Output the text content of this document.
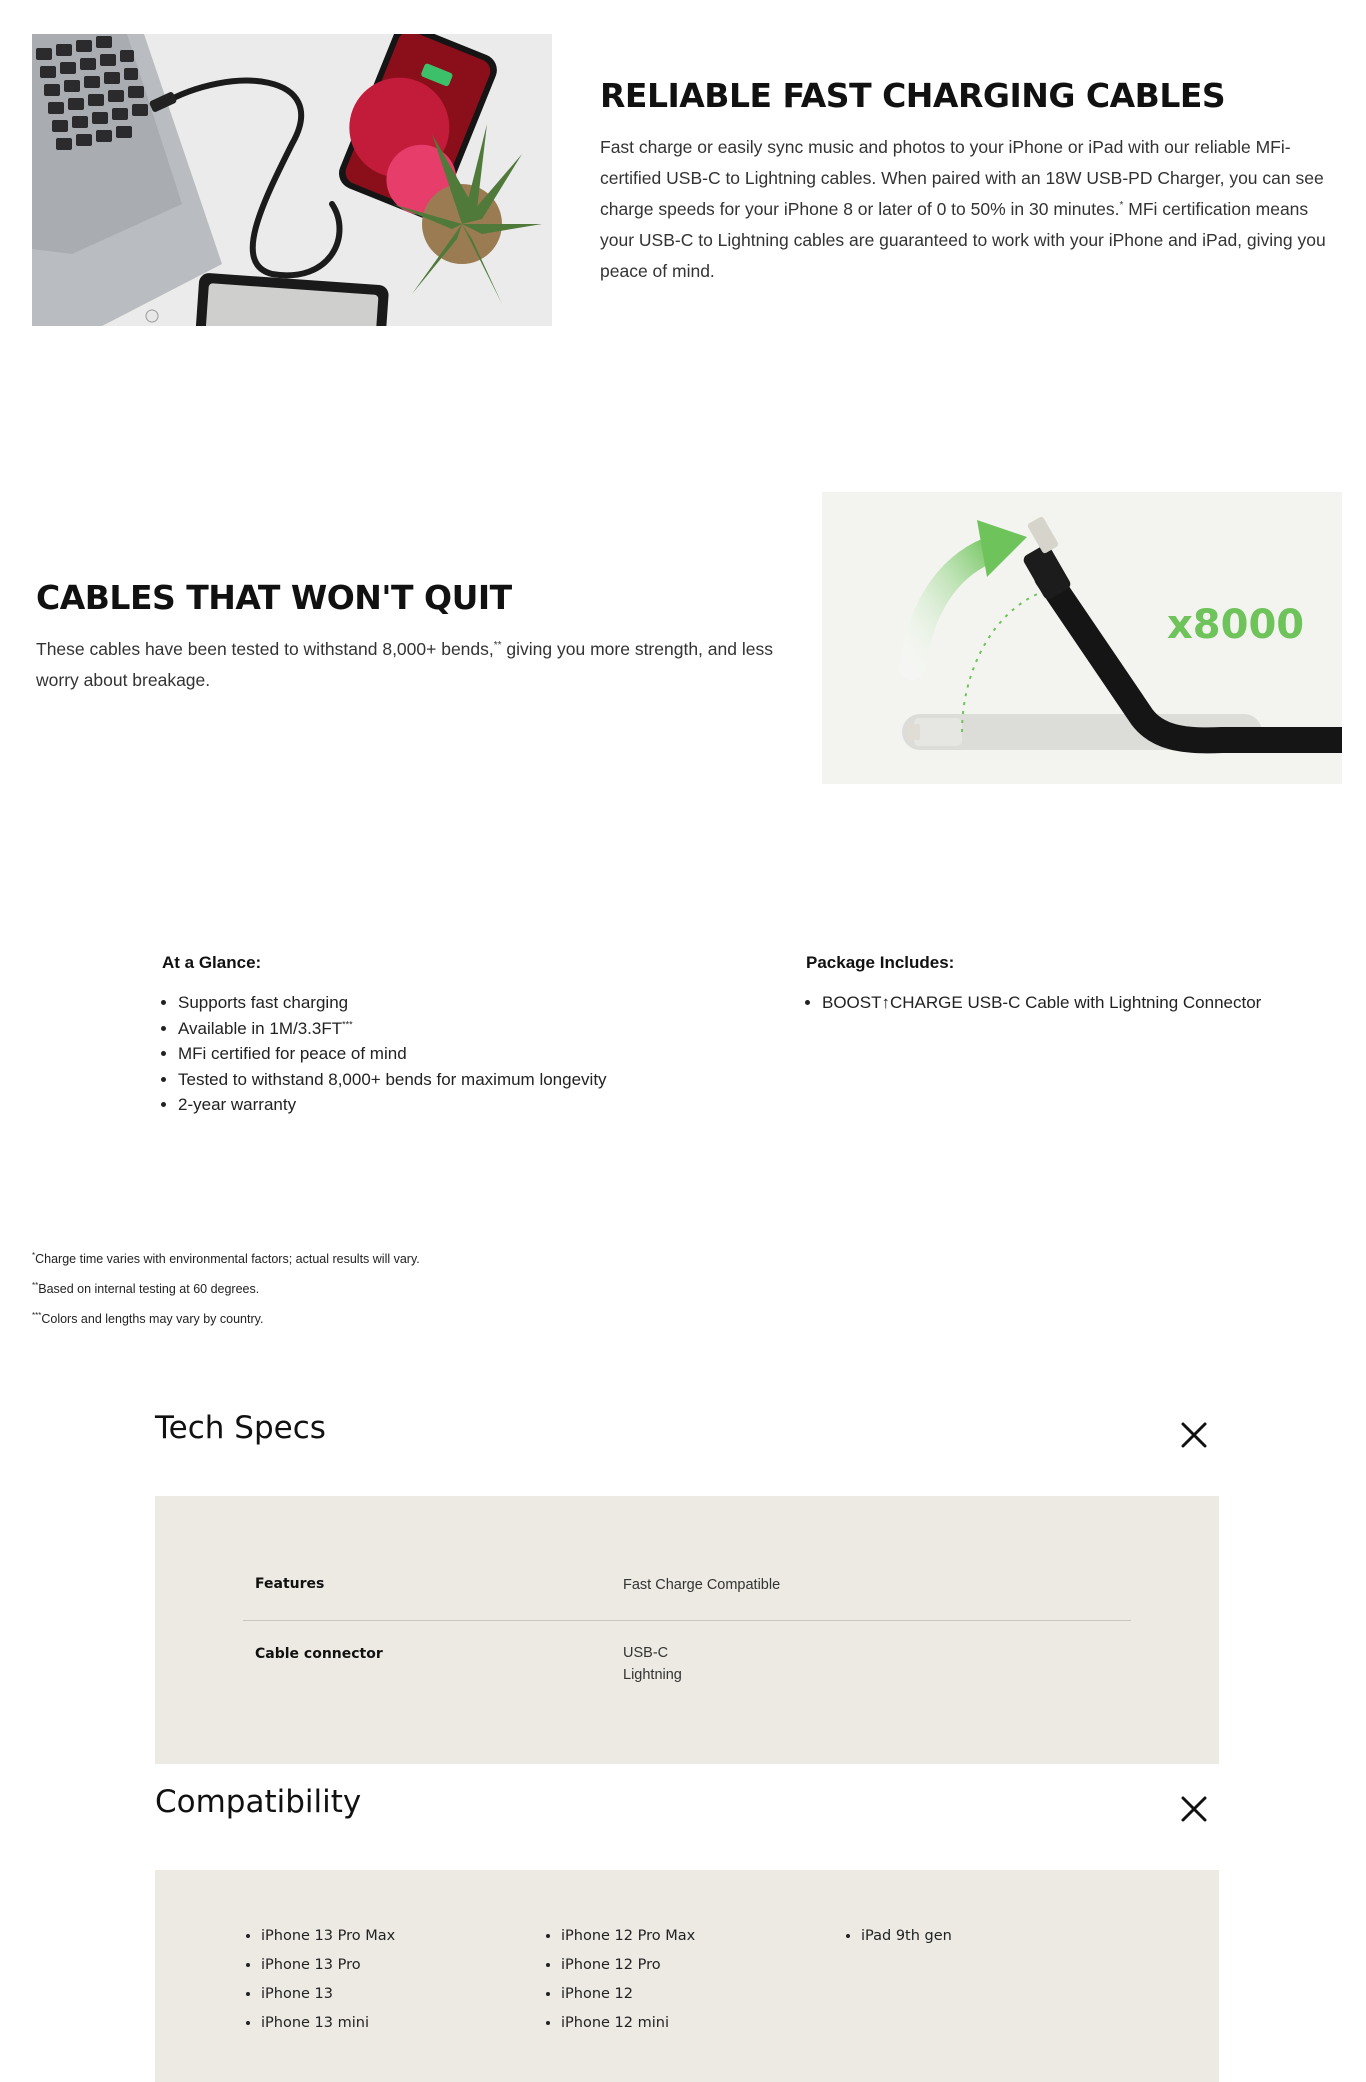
RELIABLE FAST CHARGING CABLES

Fast charge or easily sync music and photos to your iPhone or iPad with our reliable MFi-certified USB-C to Lightning cables. When paired with an 18W USB-PD Charger, you can see charge speeds for your iPhone 8 or later of 0 to 50% in 30 minutes.* MFi certification means your USB-C to Lightning cables are guaranteed to work with your iPhone and iPad, giving you peace of mind.

CABLES THAT WON'T QUIT

These cables have been tested to withstand 8,000+ bends,** giving you more strength, and less worry about breakage.

x8000
At a Glance:
• Supports fast charging
• Available in 1M/3.3FT***
• MFi certified for peace of mind
• Tested to withstand 8,000+ bends for maximum longevity
• 2-year warranty
Package Includes:
• BOOST↑CHARGE USB-C Cable with Lightning Connector

*Charge time varies with environmental factors; actual results will vary.

**Based on internal testing at 60 degrees.

***Colors and lengths may vary by country.

Tech Specs
Features	Fast Charge Compatible
Cable connector	USB-C
Lightning
Compatibility
• iPhone 13 Pro Max
• iPhone 13 Pro
• iPhone 13
• iPhone 13 mini
• iPhone 12 Pro Max
• iPhone 12 Pro
• iPhone 12
• iPhone 12 mini
• iPad 9th gen
